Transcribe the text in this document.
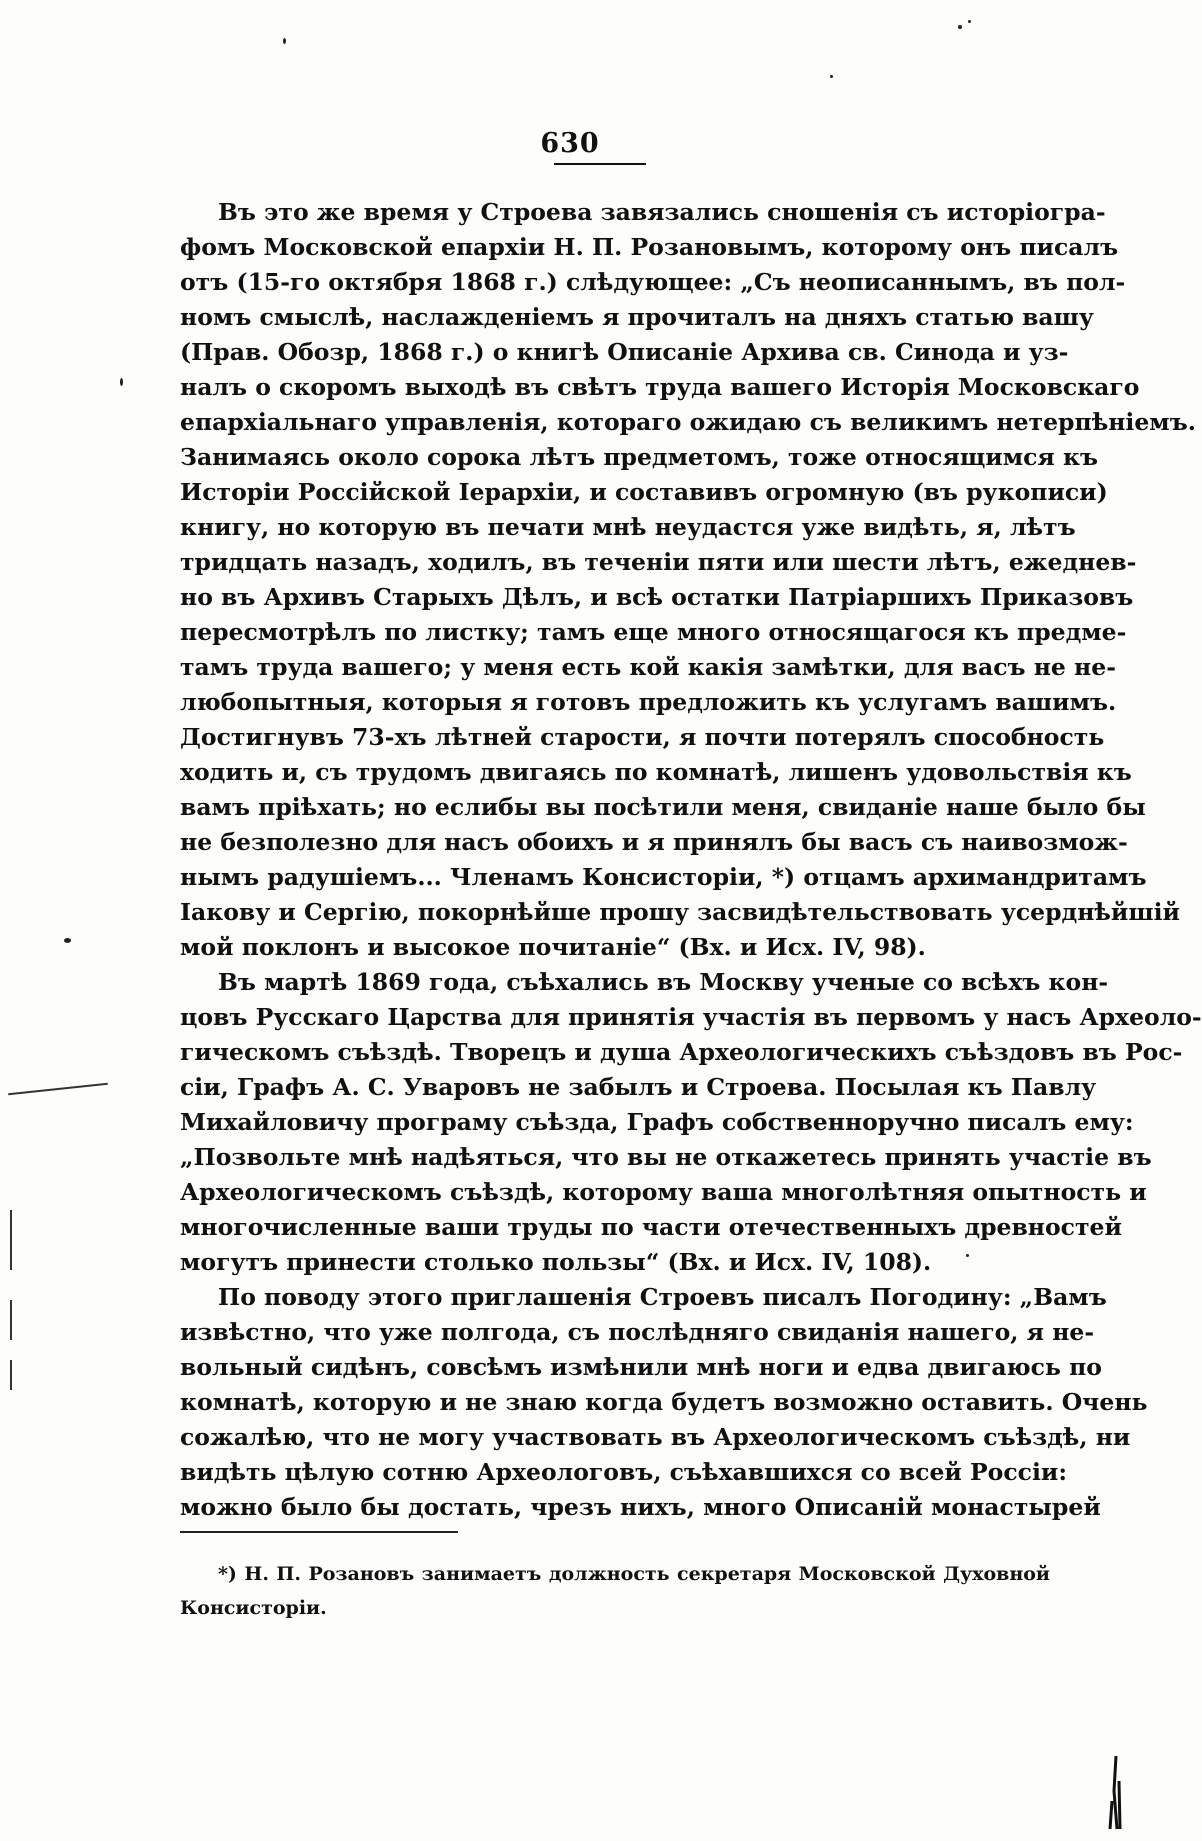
630
Въ это же время у Строева завязались сношенія съ исторіогра-
фомъ Московской епархіи Н. П. Розановымъ, которому онъ писалъ
отъ (15-го октября 1868 г.) слѣдующее: „Съ неописаннымъ, въ пол-
номъ смыслѣ, наслажденіемъ я прочиталъ на дняхъ статью вашу
(Прав. Обозр, 1868 г.) о книгѣ Описаніе Архива св. Синода и уз-
налъ о скоромъ выходѣ въ свѣтъ труда вашего Исторія Московскаго
епархіальнаго управленія, котораго ожидаю съ великимъ нетерпѣніемъ.
Занимаясь около сорока лѣтъ предметомъ, тоже относящимся къ
Исторіи Россійской Іерархіи, и составивъ огромную (въ рукописи)
книгу, но которую въ печати мнѣ неудастся уже видѣть, я, лѣтъ
тридцать назадъ, ходилъ, въ теченіи пяти или шести лѣтъ, ежеднев-
но въ Архивъ Старыхъ Дѣлъ, и всѣ остатки Патріаршихъ Приказовъ
пересмотрѣлъ по листку; тамъ еще много относящагося къ предме-
тамъ труда вашего; у меня есть кой какія замѣтки, для васъ не не-
любопытныя, которыя я готовъ предложить къ услугамъ вашимъ.
Достигнувъ 73-хъ лѣтней старости, я почти потерялъ способность
ходить и, съ трудомъ двигаясь по комнатѣ, лишенъ удовольствія къ
вамъ пріѣхать; но еслибы вы посѣтили меня, свиданіе наше было бы
не безполезно для насъ обоихъ и я принялъ бы васъ съ наивозмож-
нымъ радушіемъ... Членамъ Консисторіи, *) отцамъ архимандритамъ
Іакову и Сергію, покорнѣйше прошу засвидѣтельствовать усерднѣйшій
мой поклонъ и высокое почитаніе“ (Вх. и Исх. IV, 98).
Въ мартѣ 1869 года, съѣхались въ Москву ученые со всѣхъ кон-
цовъ Русскаго Царства для принятія участія въ первомъ у насъ Археоло-
гическомъ съѣздѣ. Творецъ и душа Археологическихъ съѣздовъ въ Рос-
сіи, Графъ А. С. Уваровъ не забылъ и Строева. Посылая къ Павлу
Михайловичу програму съѣзда, Графъ собственноручно писалъ ему:
„Позвольте мнѣ надѣяться, что вы не откажетесь принять участіе въ
Археологическомъ съѣздѣ, которому ваша многолѣтняя опытность и
многочисленные ваши труды по части отечественныхъ древностей
могутъ принести столько пользы“ (Вх. и Исх. IV, 108).
По поводу этого приглашенія Строевъ писалъ Погодину: „Вамъ
извѣстно, что уже полгода, съ послѣдняго свиданія нашего, я не-
вольный сидѣнъ, совсѣмъ измѣнили мнѣ ноги и едва двигаюсь по
комнатѣ, которую и не знаю когда будетъ возможно оставить. Очень
сожалѣю, что не могу участвовать въ Археологическомъ съѣздѣ, ни
видѣть цѣлую сотню Археологовъ, съѣхавшихся со всей Россіи:
можно было бы достать, чрезъ нихъ, много Описаній монастырей
*) Н. П. Розановъ занимаетъ должность секретаря Московской Духовной
Консисторіи.
